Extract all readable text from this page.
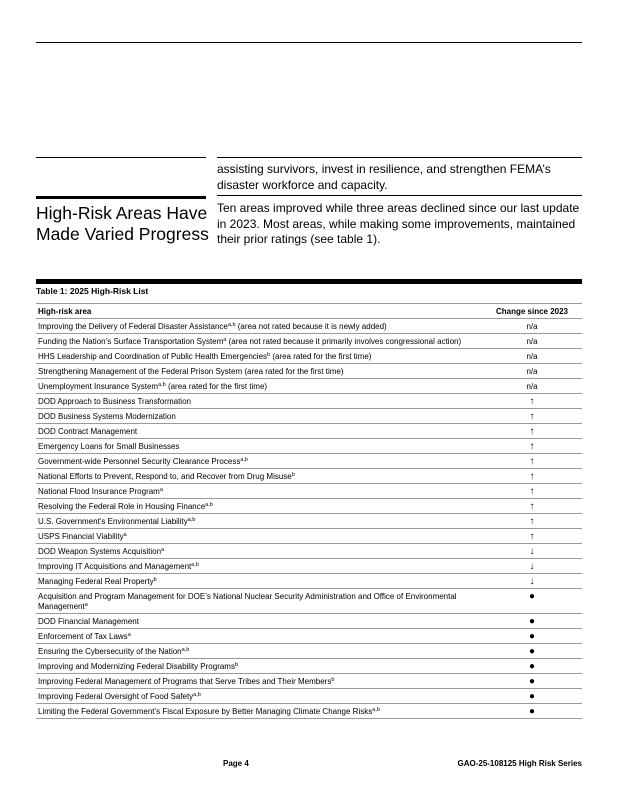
assisting survivors, invest in resilience, and strengthen FEMA’s disaster workforce and capacity.

High-Risk Areas Have Made Varied Progress

Ten areas improved while three areas declined since our last update in 2023. Most areas, while making some improvements, maintained their prior ratings (see table 1).

Table 1: 2025 High-Risk List

High-risk area	Change since 2023
Improving the Delivery of Federal Disaster Assistance$^{a,b}$ (area not rated because it is newly added)	n/a
Funding the Nation’s Surface Transportation System$^a$ (area not rated because it primarily involves congressional action)	n/a
HHS Leadership and Coordination of Public Health Emergencies$^b$ (area rated for the first time)	n/a
Strengthening Management of the Federal Prison System (area rated for the first time)	n/a
Unemployment Insurance System$^{a,b}$ (area rated for the first time)	n/a
DOD Approach to Business Transformation	↑
DOD Business Systems Modernization	↑
DOD Contract Management	↑
Emergency Loans for Small Businesses	↑
Government-wide Personnel Security Clearance Process$^{a,b}$	↑
National Efforts to Prevent, Respond to, and Recover from Drug Misuse$^b$	↑
National Flood Insurance Program$^a$	↑
Resolving the Federal Role in Housing Finance$^{a,b}$	↑
U.S. Government’s Environmental Liability$^{a,b}$	↑
USPS Financial Viability$^a$	↑
DOD Weapon Systems Acquisition$^a$	↓
Improving IT Acquisitions and Management$^{a,b}$	↓
Managing Federal Real Property$^b$	↓
Acquisition and Program Management for DOE’s National Nuclear Security Administration and Office of Environmental Management$^a$	●
DOD Financial Management	●
Enforcement of Tax Laws$^a$	●
Ensuring the Cybersecurity of the Nation$^{a,b}$	●
Improving and Modernizing Federal Disability Programs$^b$	●
Improving Federal Management of Programs that Serve Tribes and Their Members$^b$	●
Improving Federal Oversight of Food Safety$^{a,b}$	●
Limiting the Federal Government’s Fiscal Exposure by Better Managing Climate Change Risks$^{a,b}$	●

Page 4	GAO-25-108125 High Risk Series
